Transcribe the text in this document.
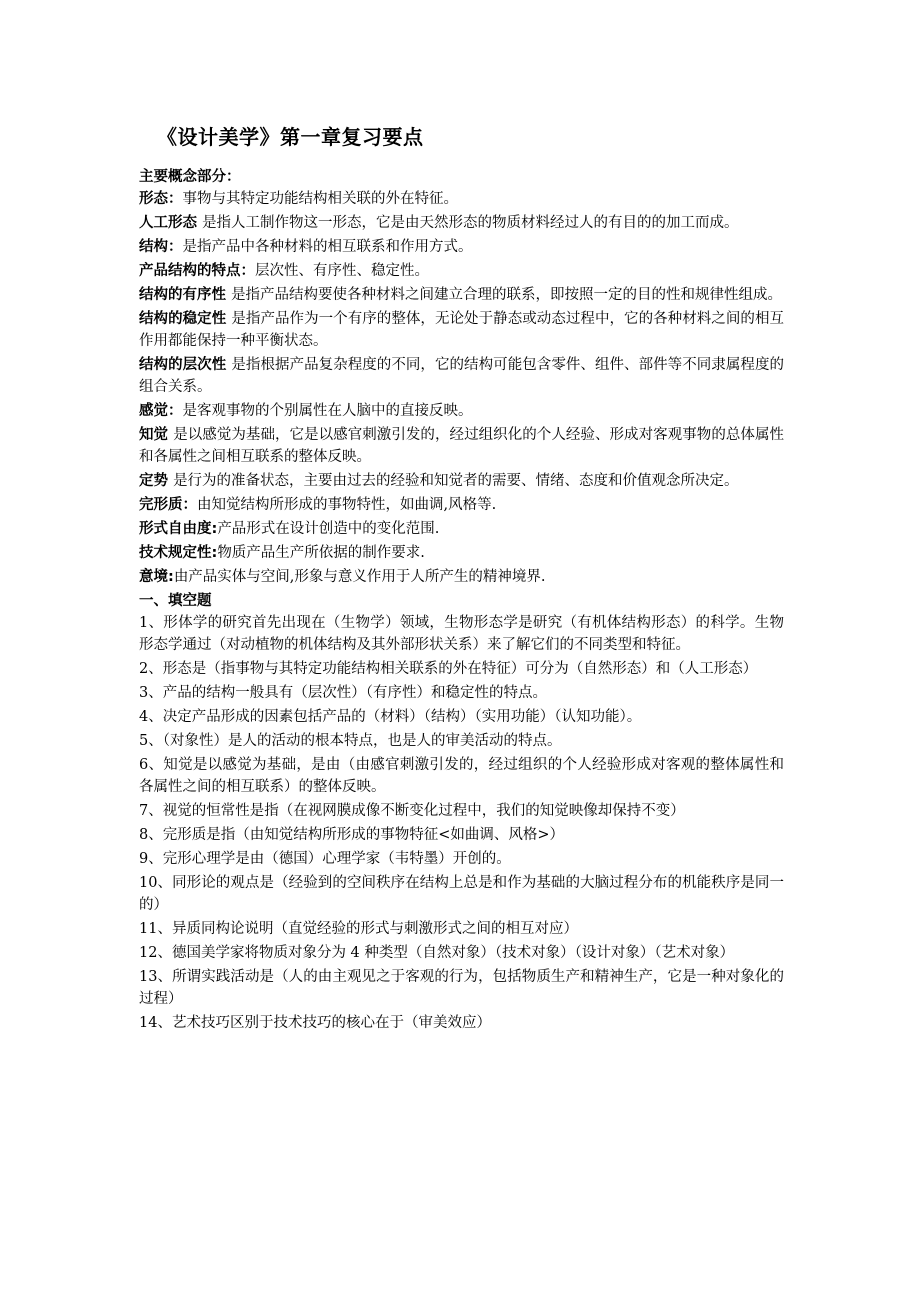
《设计美学》第一章复习要点

主要概念部分：

形态：事物与其特定功能结构相关联的外在特征。

人工形态 是指人工制作物这一形态，它是由天然形态的物质材料经过人的有目的的加工而成。

结构：是指产品中各种材料的相互联系和作用方式。

产品结构的特点：层次性、有序性、稳定性。

结构的有序性 是指产品结构要使各种材料之间建立合理的联系，即按照一定的目的性和规律性组成。

结构的稳定性 是指产品作为一个有序的整体，无论处于静态或动态过程中，它的各种材料之间的相互作用都能保持一种平衡状态。

结构的层次性 是指根据产品复杂程度的不同，它的结构可能包含零件、组件、部件等不同隶属程度的组合关系。

感觉：是客观事物的个别属性在人脑中的直接反映。

知觉 是以感觉为基础，它是以感官刺激引发的，经过组织化的个人经验、形成对客观事物的总体属性和各属性之间相互联系的整体反映。

定势 是行为的准备状态，主要由过去的经验和知觉者的需要、情绪、态度和价值观念所决定。

完形质：由知觉结构所形成的事物特性，如曲调,风格等.

形式自由度:产品形式在设计创造中的变化范围.

技术规定性:物质产品生产所依据的制作要求.

意境:由产品实体与空间,形象与意义作用于人所产生的精神境界.

一、填空题

1、形体学的研究首先出现在（生物学）领域，生物形态学是研究（有机体结构形态）的科学。生物形态学通过（对动植物的机体结构及其外部形状关系）来了解它们的不同类型和特征。

2、形态是（指事物与其特定功能结构相关联系的外在特征）可分为（自然形态）和（人工形态）

3、产品的结构一般具有（层次性）（有序性）和稳定性的特点。

4、决定产品形成的因素包括产品的（材料）（结构）（实用功能）（认知功能）。

5、（对象性）是人的活动的根本特点，也是人的审美活动的特点。

6、知觉是以感觉为基础，是由（由感官刺激引发的，经过组织的个人经验形成对客观的整体属性和各属性之间的相互联系）的整体反映。

7、视觉的恒常性是指（在视网膜成像不断变化过程中，我们的知觉映像却保持不变）

8、完形质是指（由知觉结构所形成的事物特征<如曲调、风格>）

9、完形心理学是由（德国）心理学家（韦特墨）开创的。

10、同形论的观点是（经验到的空间秩序在结构上总是和作为基础的大脑过程分布的机能秩序是同一的）

11、异质同构论说明（直觉经验的形式与刺激形式之间的相互对应）

12、德国美学家将物质对象分为 4 种类型（自然对象）（技术对象）（设计对象）（艺术对象）

13、所谓实践活动是（人的由主观见之于客观的行为，包括物质生产和精神生产，它是一种对象化的过程）

14、艺术技巧区别于技术技巧的核心在于（审美效应）
